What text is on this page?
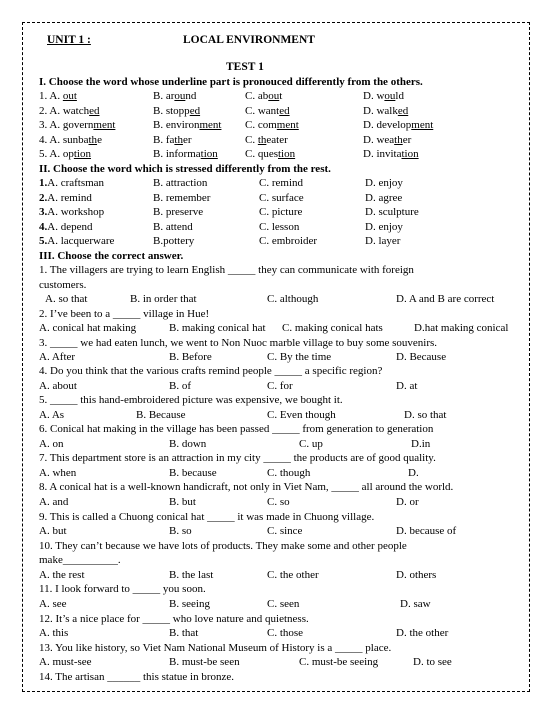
UNIT 1 :	LOCAL ENVIRONMENT
TEST 1
I. Choose the word whose underline part is pronouced differently from the others.
1. A. out	B. around	C. about	D. would
2. A. watched	B. stopped	C. wanted	D. walked
3. A. government	B. environment C. comment	D. development
4. A. sunbathe	B. father	C. theater	D. weather
5. A. option	B. information C. question	D. invitation
II. Choose the word which is stressed differently from the rest.
1.A. craftsman	B. attraction	C. remind	D. enjoy
2.A. remind	B. remember	C. surface	D. agree
3.A. workshop	B. preserve	C. picture	D. sculpture
4.A. depend	B. attend	C. lesson	D. enjoy
5.A. lacquerware	B.pottery	C. embroider	D. layer
III. Choose the correct answer.
1. The villagers are trying to learn English _____ they can communicate with foreign
customers.
A. so that	B. in order that	C. although	D. A and B are correct
2. I’ve been to a _____ village in Hue!
A. conical hat making	B. making conical hat C. making conical hats	D.hat making conical
3. _____ we had eaten lunch, we went to Non Nuoc marble village to buy some souvenirs.
A. After	B. Before	C. By the time	D. Because
4. Do you think that the various crafts remind people _____ a specific region?
A. about	B. of	C. for	D. at
5. _____ this hand-embroidered picture was expensive, we bought it.
A. As	B. Because	C. Even though	D. so that
6. Conical hat making in the village has been passed _____ from generation to generation
A. on	B. down	C. up	D.in
7. This department store is an attraction in my city _____ the products are of good quality.
A. when	B. because	C. though	D.
8. A conical hat is a well-known handicraft, not only in Viet Nam, _____ all around the world.
A. and	B. but	C. so	D. or
9. This is called a Chuong conical hat _____ it was made in Chuong village.
A. but	B. so	C. since	D. because of
10. They can’t because we have lots of products. They make some and other people
make__________.
A. the rest	B. the last	C. the other	D. others
11. I look forward to _____ you soon.
A. see	B. seeing	C. seen	D. saw
12. It’s a nice place for _____ who love nature and quietness.
A. this	B. that	C. those	D. the other
13. You like history, so Viet Nam National Museum of History is a _____ place.
A. must-see	B. must-be seen	C. must-be seeing	D. to see
14. The artisan ______ this statue in bronze.
